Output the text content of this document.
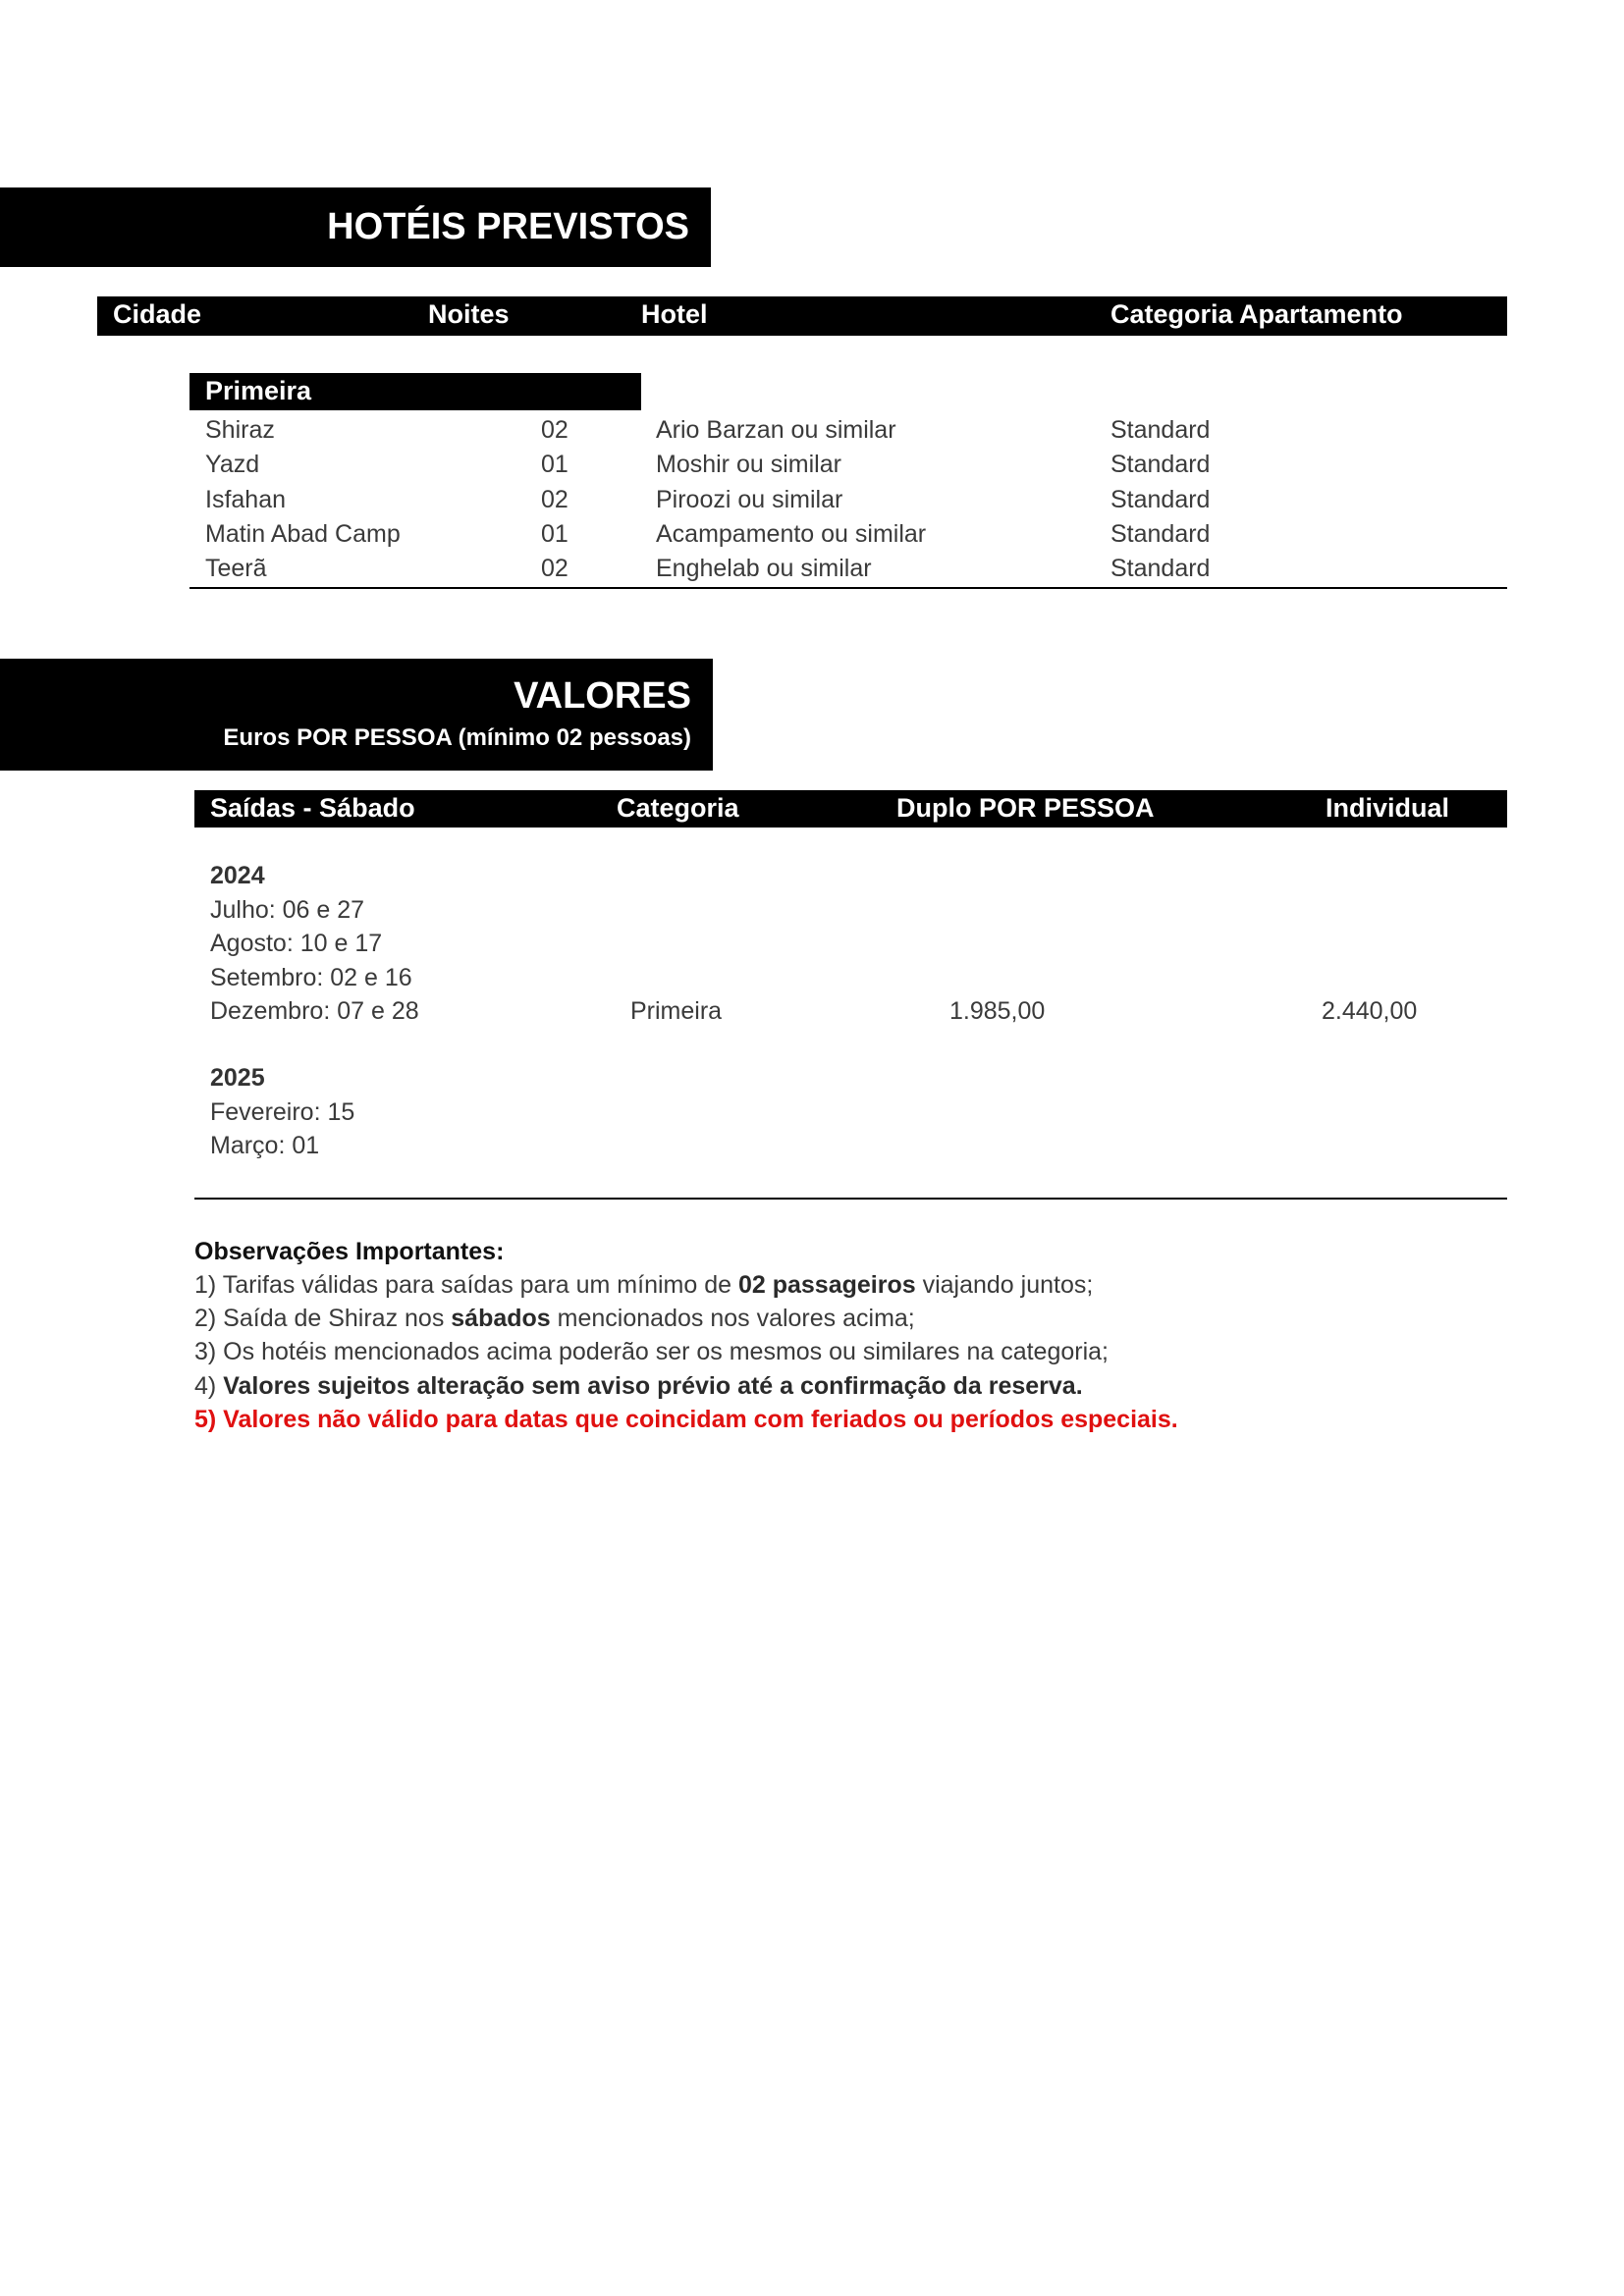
HOTÉIS PREVISTOS
Cidade	Noites	Hotel	Categoria Apartamento
Primeira
Shiraz	02	Ario Barzan ou similar	Standard
Yazd	01	Moshir ou similar	Standard
Isfahan	02	Piroozi ou similar	Standard
Matin Abad Camp	01	Acampamento ou similar	Standard
Teerã	02	Enghelab ou similar	Standard
VALORES
Euros POR PESSOA (mínimo 02 pessoas)
Saídas - Sábado	Categoria	Duplo POR PESSOA	Individual
2024
Julho: 06 e 27
Agosto: 10 e 17
Setembro: 02 e 16
Dezembro: 07 e 28
2025
Fevereiro: 15
Março: 01
Primeira	1.985,00	2.440,00
Observações Importantes:
1) Tarifas válidas para saídas para um mínimo de 02 passageiros viajando juntos;
2) Saída de Shiraz nos sábados mencionados nos valores acima;
3) Os hotéis mencionados acima poderão ser os mesmos ou similares na categoria;
4) Valores sujeitos alteração sem aviso prévio até a confirmação da reserva.
5) Valores não válido para datas que coincidam com feriados ou períodos especiais.
